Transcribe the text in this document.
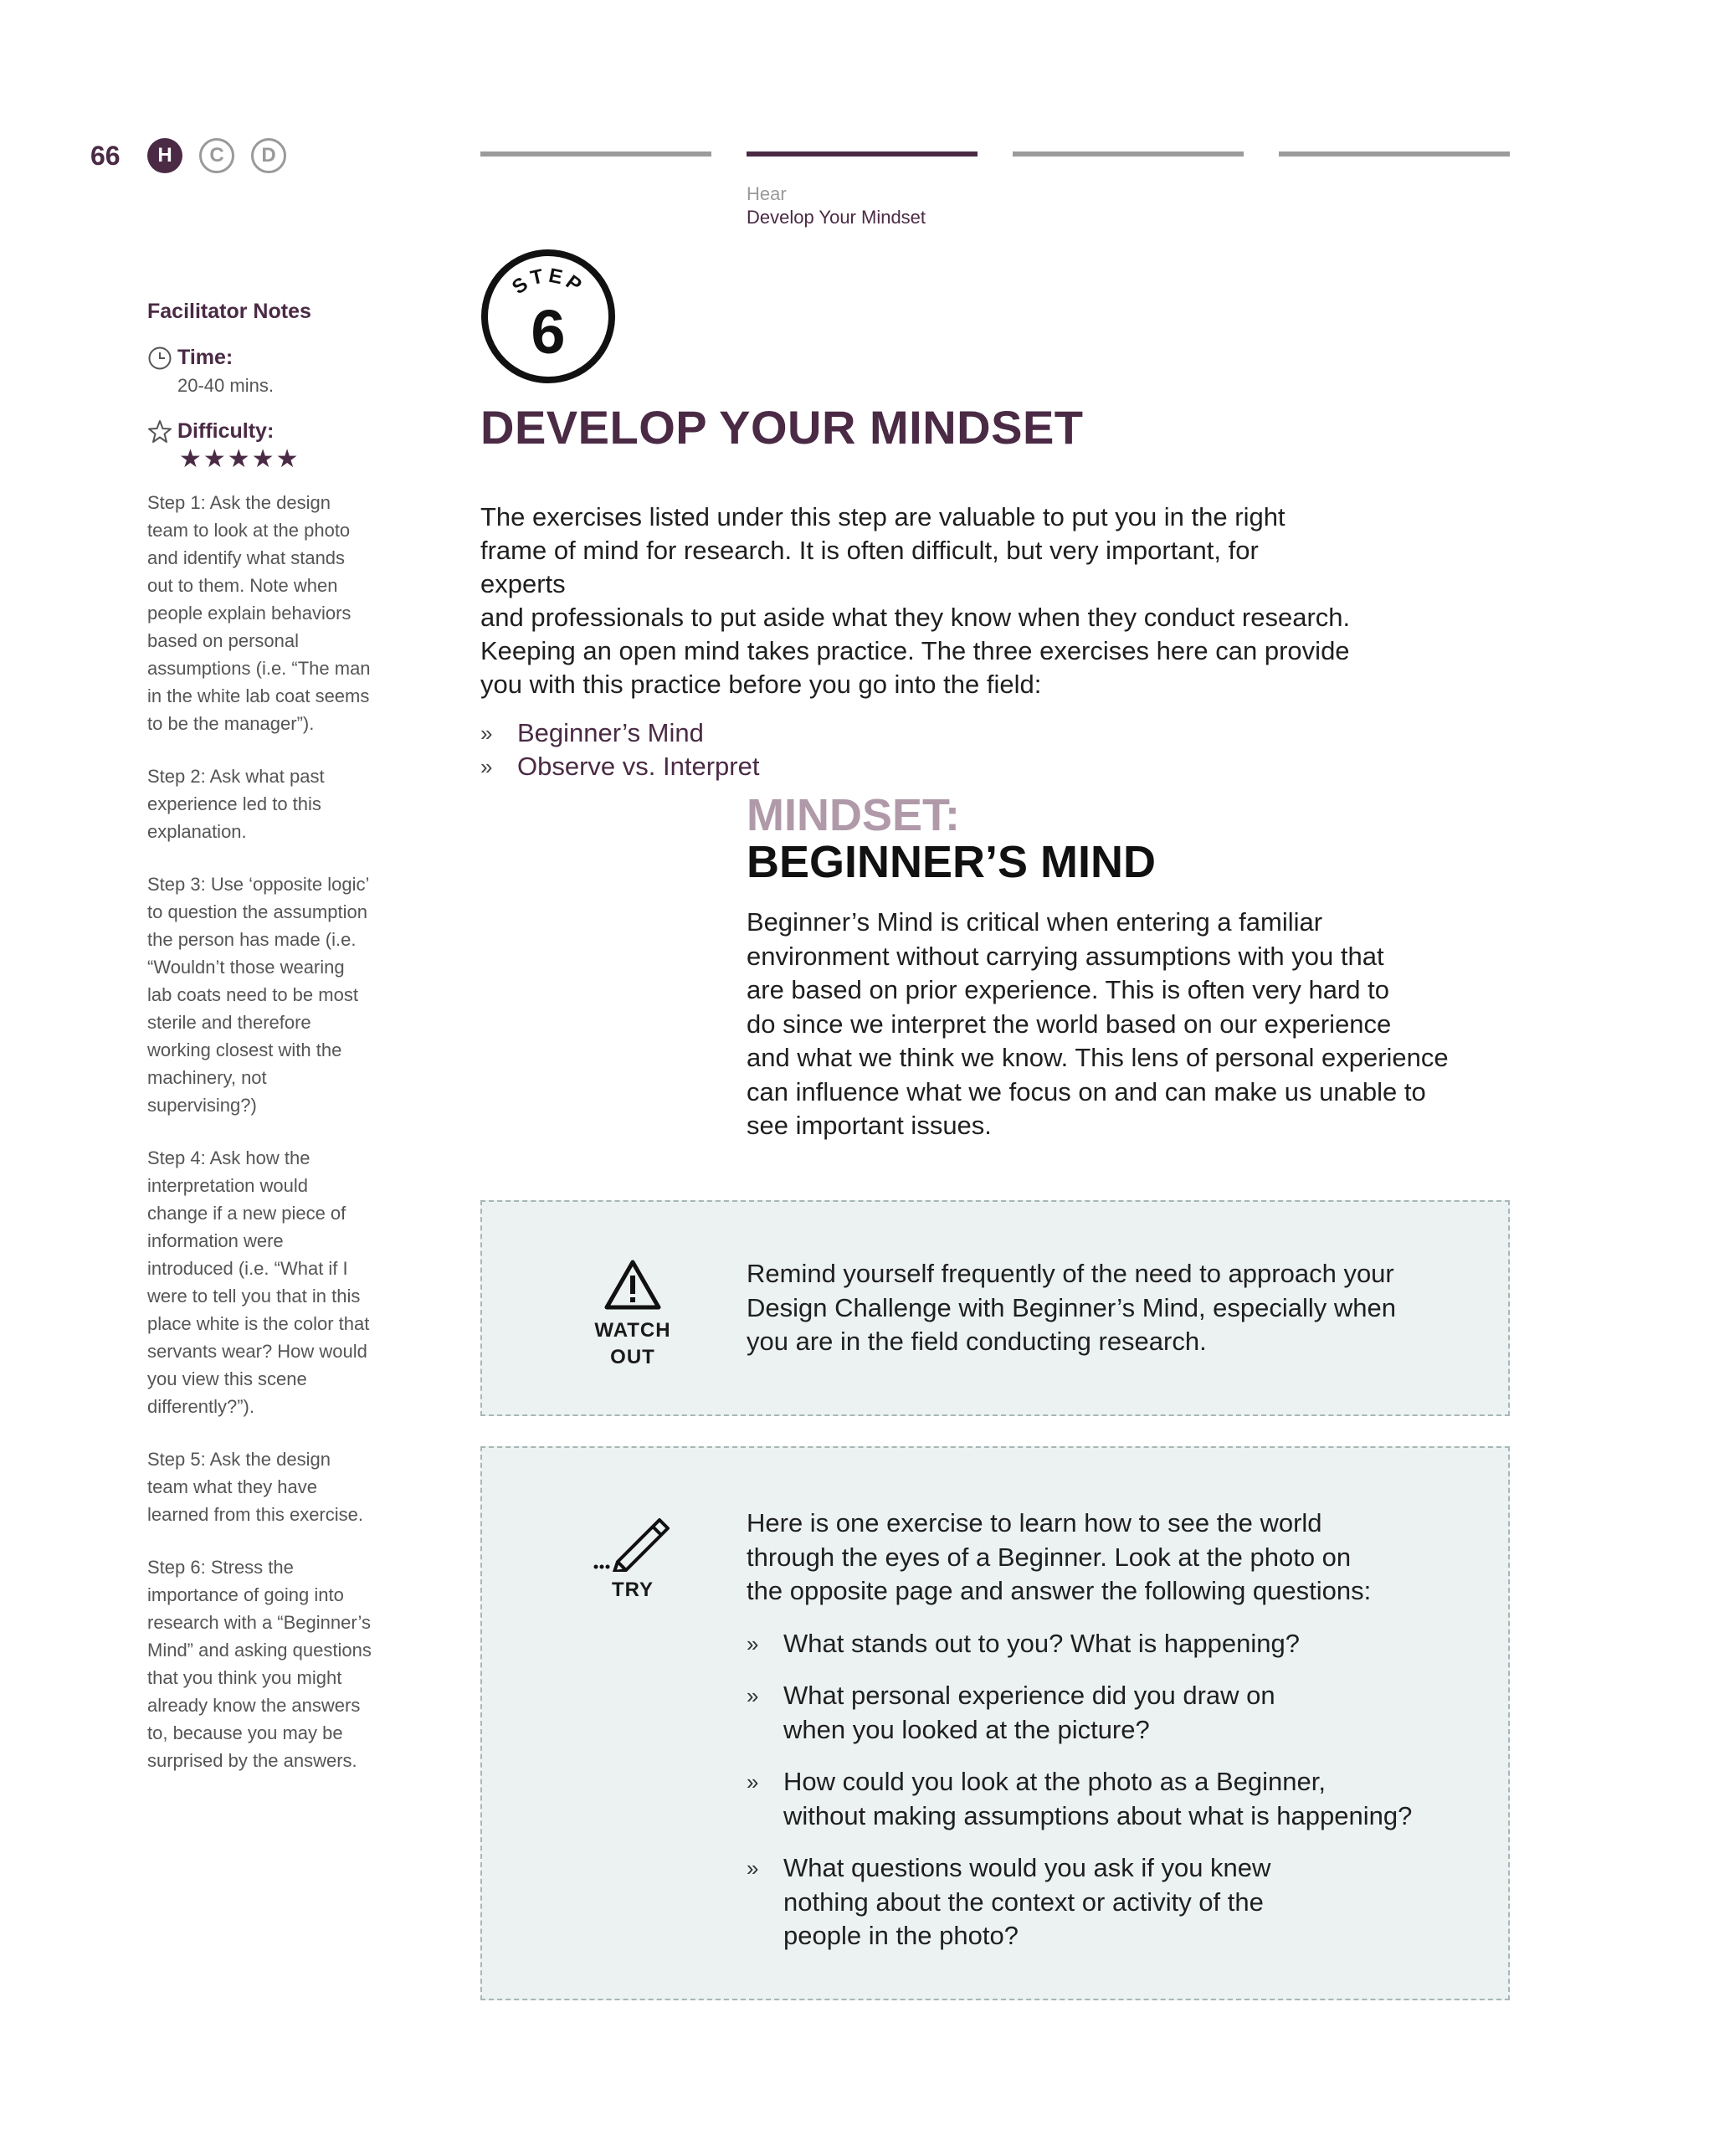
66	H	C	D
Hear
Develop Your Mindset
Facilitator Notes
Time:
20-40 mins.
Difficulty:
★★★★★
Step 1: Ask the design team to look at the photo and identify what stands out to them. Note when people explain behaviors based on personal assumptions (i.e. “The man in the white lab coat seems to be the manager”).
Step 2: Ask what past experience led to this explanation.
Step 3: Use ‘opposite logic’ to question the assumption the person has made (i.e. “Wouldn’t those wearing lab coats need to be most sterile and therefore working closest with the machinery, not supervising?)
Step 4: Ask how the interpretation would change if a new piece of information were introduced (i.e. “What if I were to tell you that in this place white is the color that servants wear? How would you view this scene differently?”).
Step 5: Ask the design team what they have learned from this exercise.
Step 6: Stress the importance of going into research with a “Beginner’s Mind” and asking questions that you think you might already know the answers to, because you may be surprised by the answers.
STEP
6
DEVELOP YOUR MINDSET
The exercises listed under this step are valuable to put you in the right
frame of mind for research. It is often difficult, but very important, for
experts
and professionals to put aside what they know when they conduct research.
Keeping an open mind takes practice. The three exercises here can provide
you with this practice before you go into the field:
» Beginner’s Mind
» Observe vs. Interpret
MINDSET:
BEGINNER’S MIND
Beginner’s Mind is critical when entering a familiar
environment without carrying assumptions with you that
are based on prior experience. This is often very hard to
do since we interpret the world based on our experience
and what we think we know. This lens of personal experience
can influence what we focus on and can make us unable to
see important issues.
WATCH
OUT
Remind yourself frequently of the need to approach your
Design Challenge with Beginner’s Mind, especially when
you are in the field conducting research.
TRY
Here is one exercise to learn how to see the world
through the eyes of a Beginner. Look at the photo on
the opposite page and answer the following questions:
» What stands out to you? What is happening?
» What personal experience did you draw on
when you looked at the picture?
» How could you look at the photo as a Beginner,
without making assumptions about what is happening?
» What questions would you ask if you knew
nothing about the context or activity of the
people in the photo?
